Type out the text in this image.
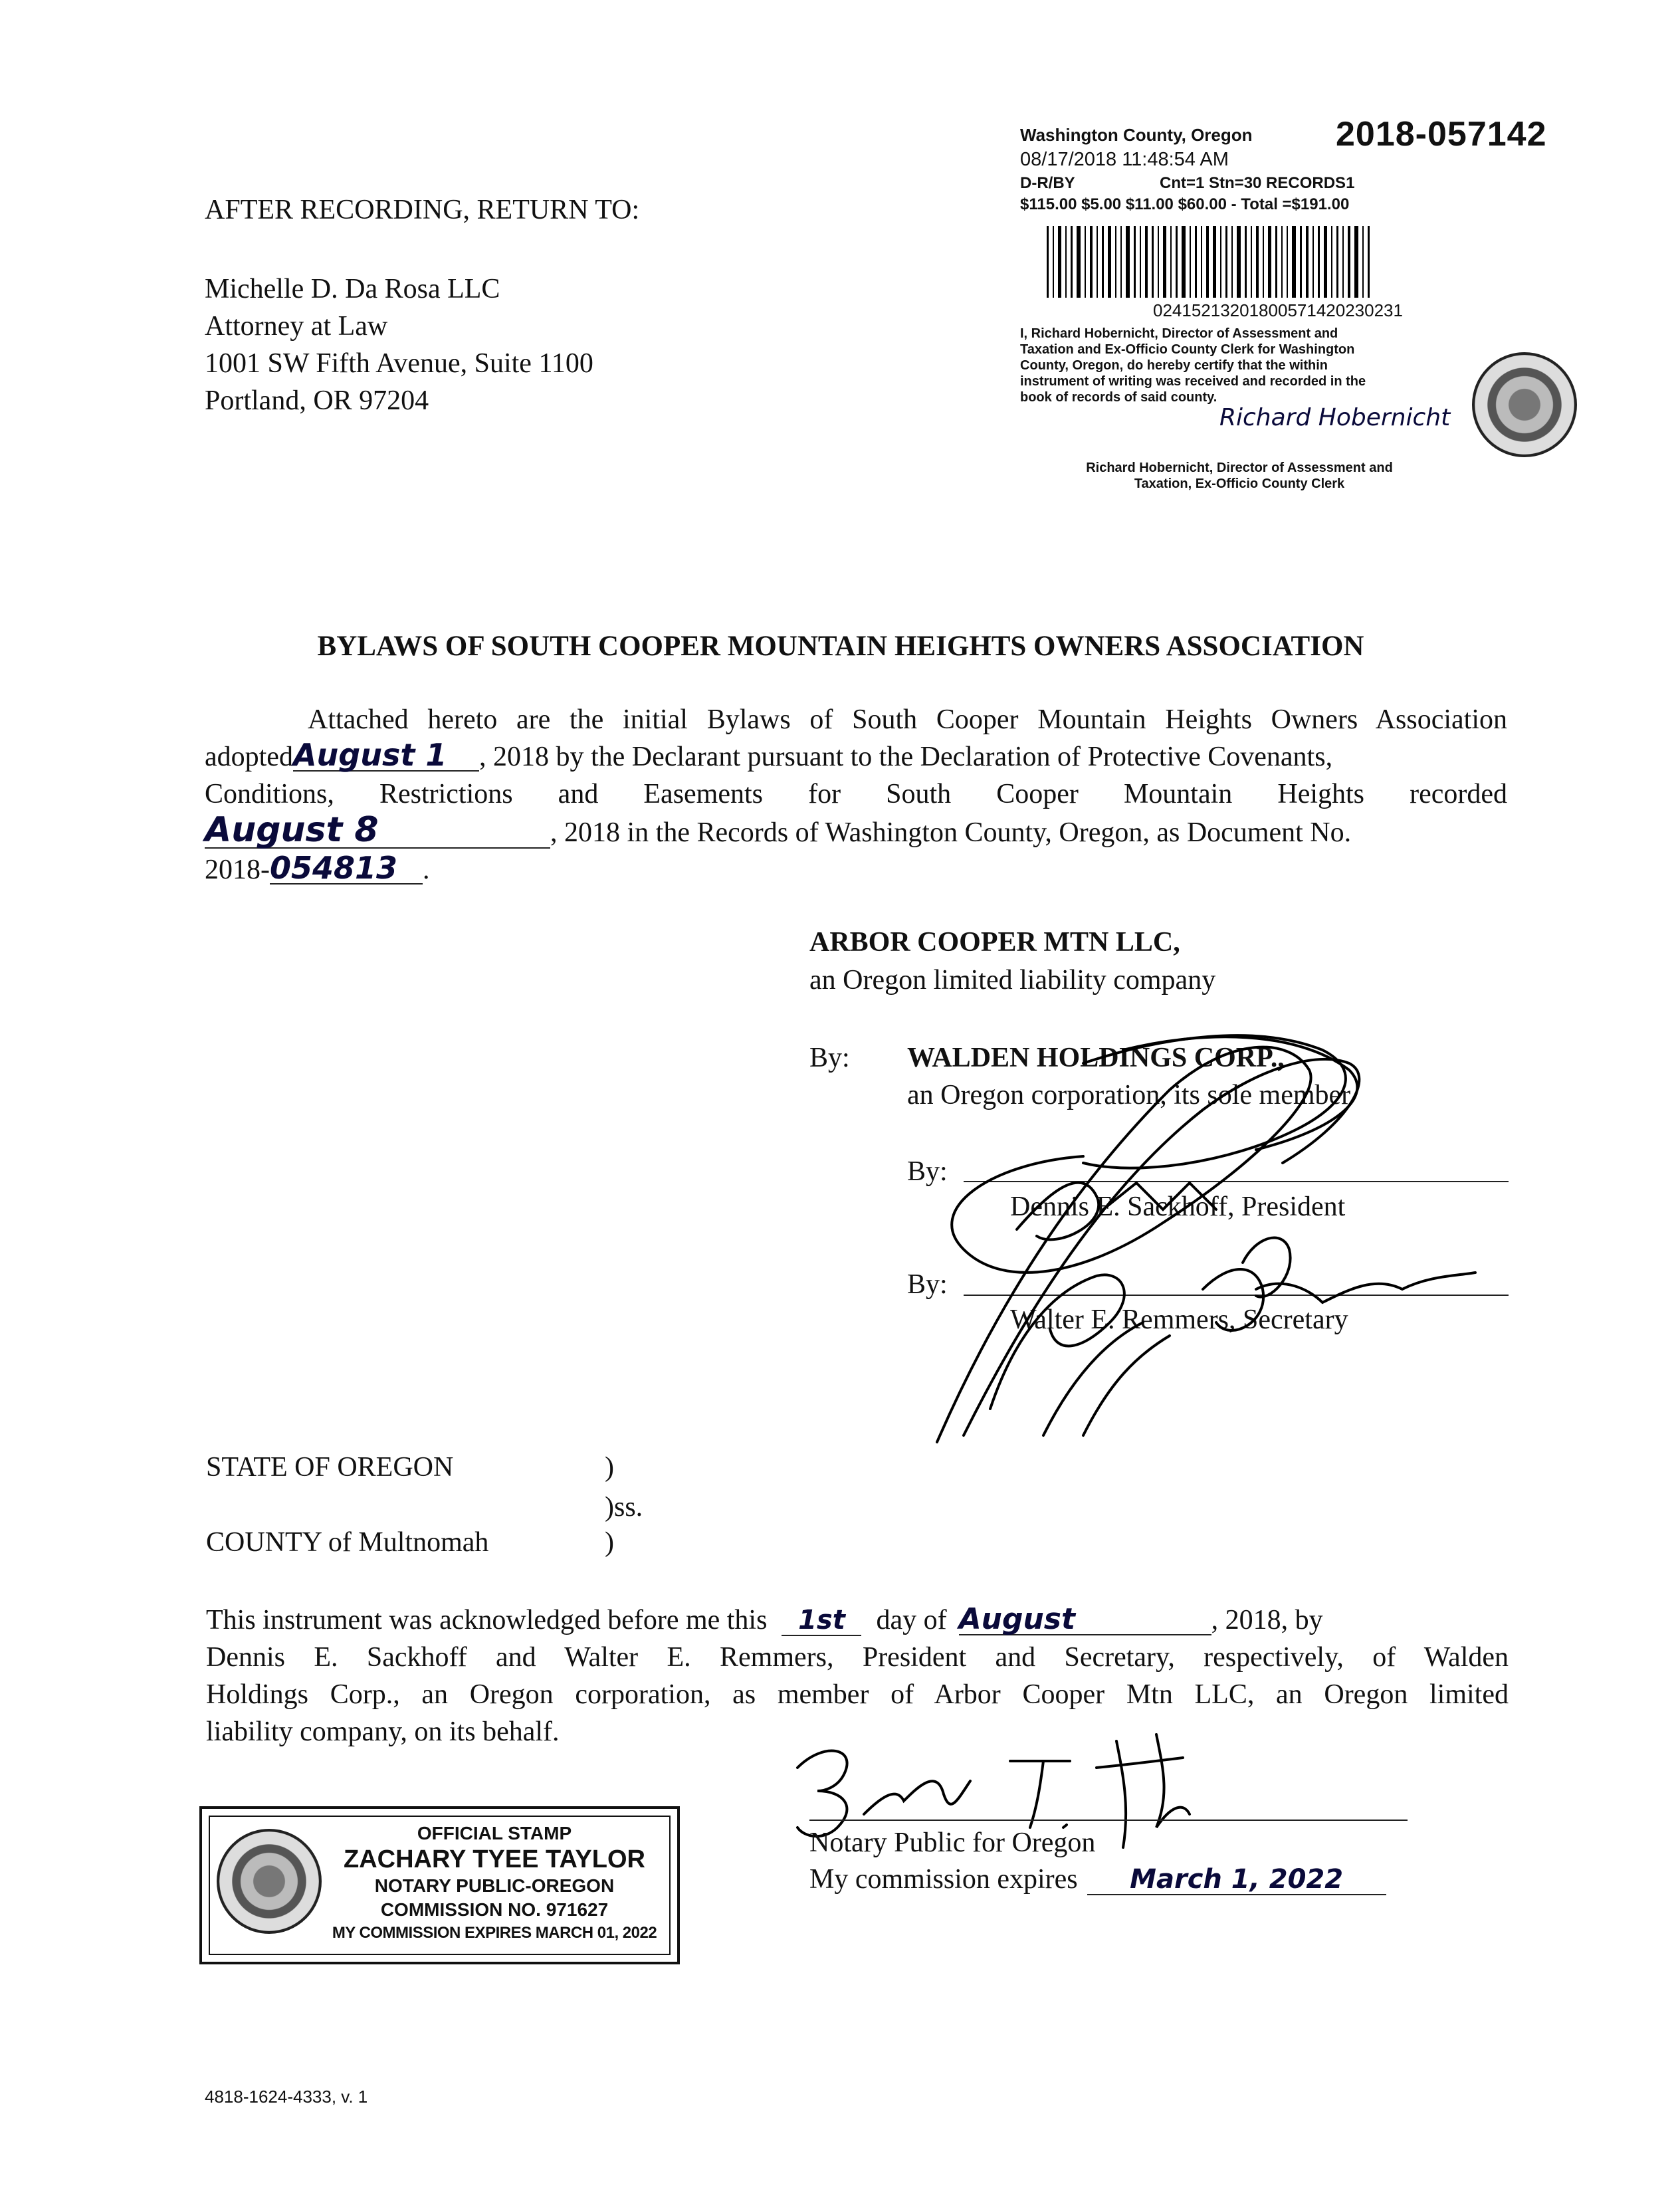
Washington County, Oregon 2018-057142
08/17/2018 11:48:54 AM
D-R/BY	Cnt=1 Stn=30 RECORDS1
$115.00 $5.00 $11.00 $60.00 - Total =$191.00
02415213201800571420230231
I, Richard Hobernicht, Director of Assessment and
Taxation and Ex-Officio County Clerk for Washington
County, Oregon, do hereby certify that the within
instrument of writing was received and recorded in the
book of records of said county.
Richard Hobernicht
Richard Hobernicht, Director of Assessment and
Taxation, Ex-Officio County Clerk
AFTER RECORDING, RETURN TO:
Michelle D. Da Rosa LLC
Attorney at Law
1001 SW Fifth Avenue, Suite 1100
Portland, OR 97204
BYLAWS OF SOUTH COOPER MOUNTAIN HEIGHTS OWNERS ASSOCIATION
Attached hereto are the initial Bylaws of South Cooper Mountain Heights Owners Association
adoptedAugust 1 , 2018 by the Declarant pursuant to the Declaration of Protective Covenants,
Conditions, Restrictions and Easements for South Cooper Mountain Heights recorded
August 8	, 2018 in the Records of Washington County, Oregon, as Document No.
2018-054813 .
ARBOR COOPER MTN LLC,
an Oregon limited liability company
By: WALDEN HOLDINGS CORP.,
an Oregon corporation, its sole member
By:
Dennis E. Sackhoff, President
By:
Walter E. Remmers, Secretary
STATE OF OREGON	)
)ss.
COUNTY of Multnomah	)
This instrument was acknowledged before me this	1st	day of August	, 2018, by
Dennis E. Sackhoff and Walter E. Remmers, President and Secretary, respectively, of Walden
Holdings Corp., an Oregon corporation, as member of Arbor Cooper Mtn LLC, an Oregon limited
liability company, on its behalf.
Notary Public for Oregon
My commission expires	March 1, 2022
OFFICIAL STAMP
ZACHARY TYEE TAYLOR
NOTARY PUBLIC-OREGON
COMMISSION NO. 971627
MY COMMISSION EXPIRES MARCH 01, 2022
4818-1624-4333, v. 1
